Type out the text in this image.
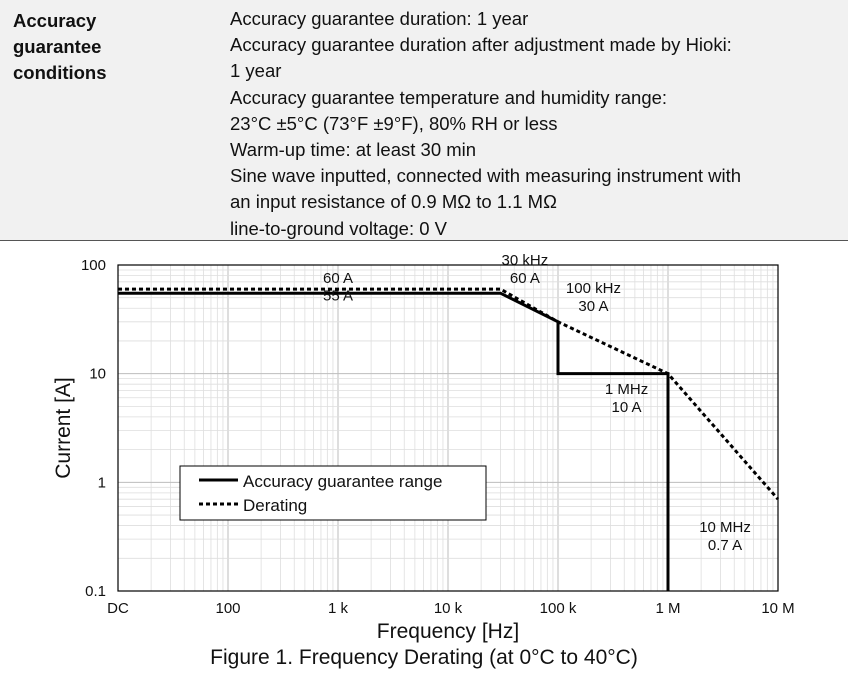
Accuracy
guarantee
conditions
Accuracy guarantee duration: 1 year
Accuracy guarantee duration after adjustment made by Hioki:
1 year
Accuracy guarantee temperature and humidity range:
23°C ±5°C (73°F ±9°F), 80% RH or less
Warm-up time: at least 30 min
Sine wave inputted, connected with measuring instrument with
an input resistance of 0.9 MΩ to 1.1 MΩ
line-to-ground voltage: 0 V
DC	100	1 k	10 k	100 k	1 M	10 M
100
10
1
0.1
60 A
55 A
30 kHz 60 A
100 kHz 30 A
1 MHz 10 A
10 MHz 0.7 A
Frequency [Hz]
Current [A]
Accuracy guarantee range
Derating
Figure 1. Frequency Derating (at 0°C to 40°C)
